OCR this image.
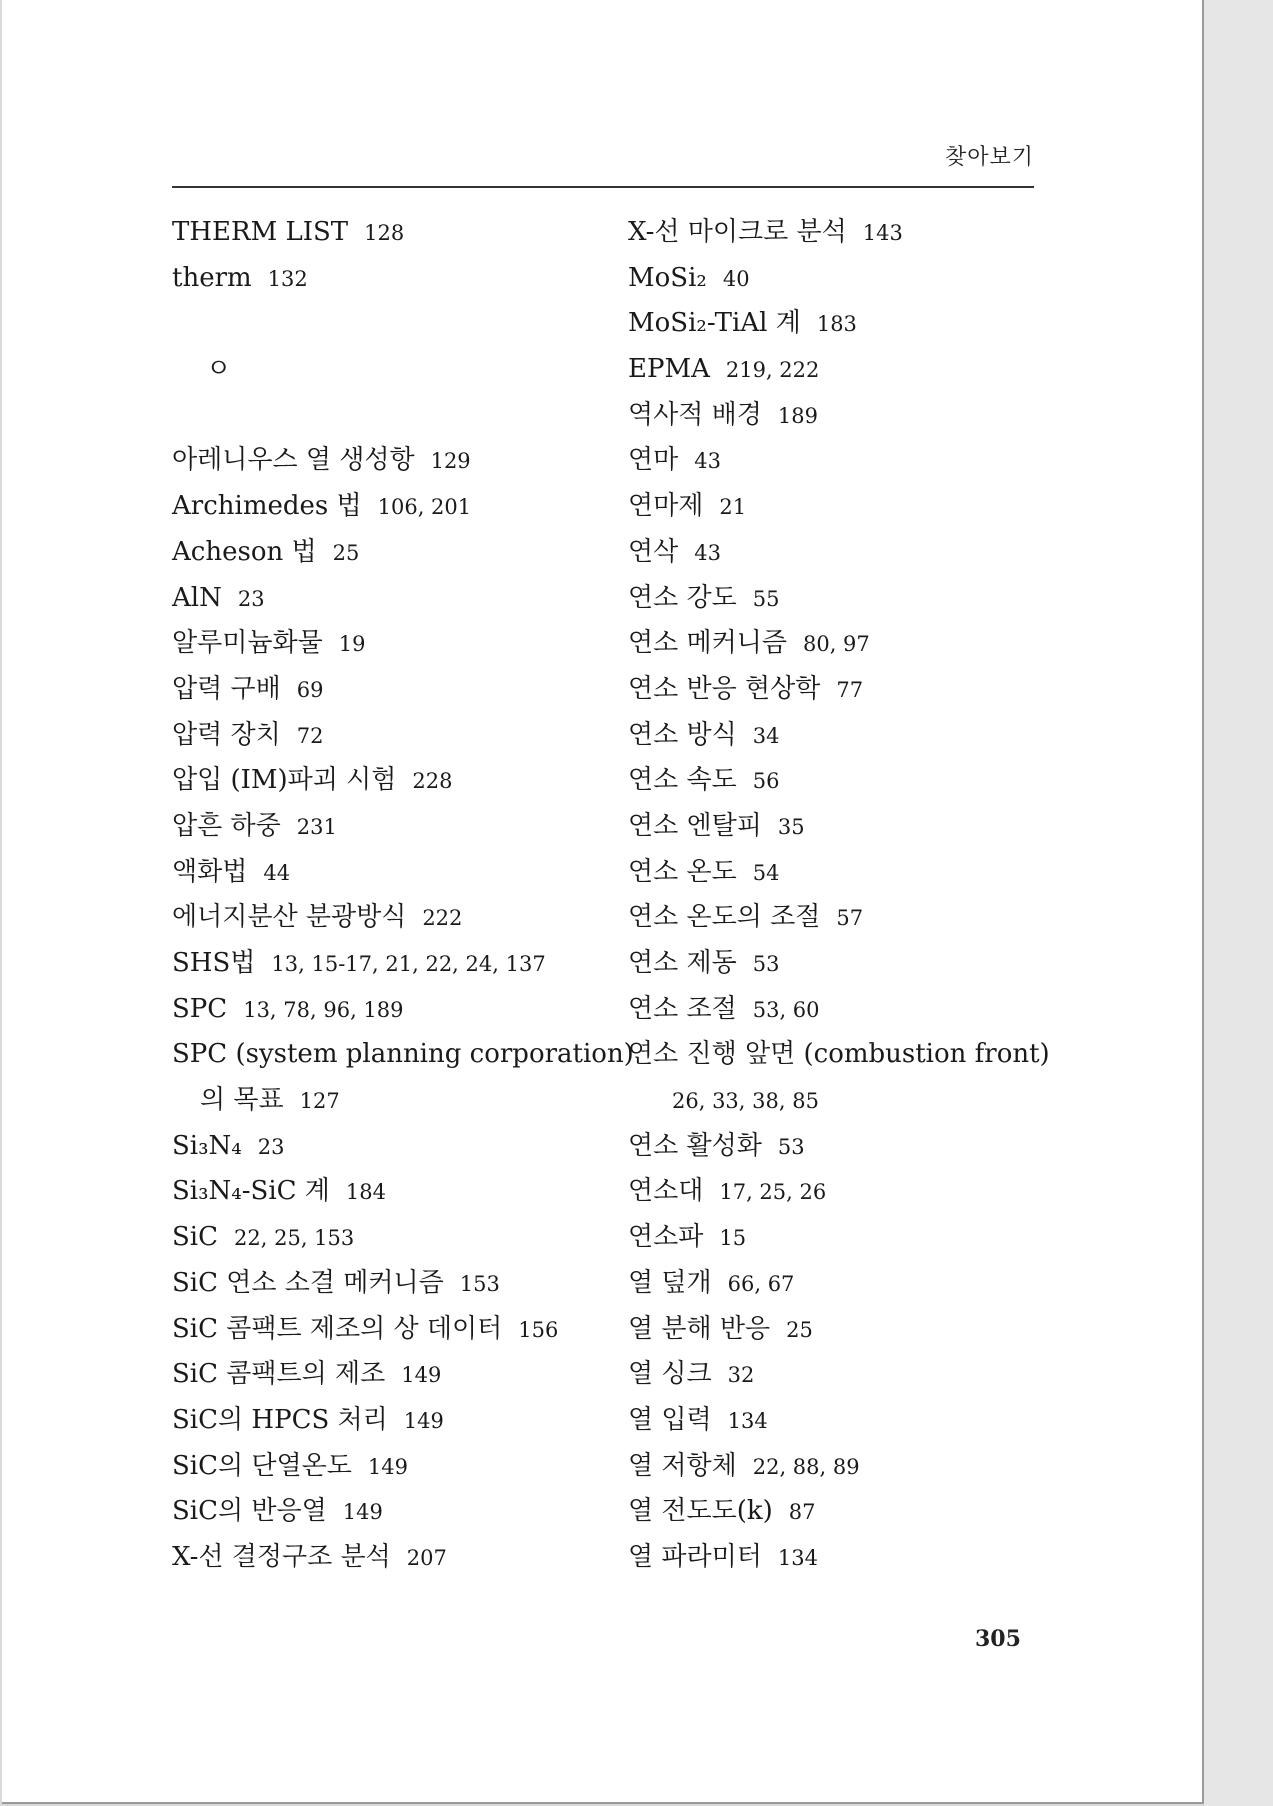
찾아보기
THERM LIST 128
therm 132
ㅇ
아레니우스 열 생성항 129
Archimedes 법 106, 201
Acheson 법 25
AlN 23
알루미늄화물 19
압력 구배 69
압력 장치 72
압입 (IM)파괴 시험 228
압흔 하중 231
액화법 44
에너지분산 분광방식 222
SHS법 13, 15-17, 21, 22, 24, 137
SPC 13, 78, 96, 189
SPC (system planning corporation)
의 목표 127
Si₃N₄ 23
Si₃N₄-SiC 계 184
SiC 22, 25, 153
SiC 연소 소결 메커니즘 153
SiC 콤팩트 제조의 상 데이터 156
SiC 콤팩트의 제조 149
SiC의 HPCS 처리 149
SiC의 단열온도 149
SiC의 반응열 149
X-선 결정구조 분석 207
X-선 마이크로 분석 143
MoSi₂ 40
MoSi₂-TiAl 계 183
EPMA 219, 222
역사적 배경 189
연마 43
연마제 21
연삭 43
연소 강도 55
연소 메커니즘 80, 97
연소 반응 현상학 77
연소 방식 34
연소 속도 56
연소 엔탈피 35
연소 온도 54
연소 온도의 조절 57
연소 제동 53
연소 조절 53, 60
연소 진행 앞면 (combustion front)
26, 33, 38, 85
연소 활성화 53
연소대 17, 25, 26
연소파 15
열 덮개 66, 67
열 분해 반응 25
열 싱크 32
열 입력 134
열 저항체 22, 88, 89
열 전도도(k) 87
열 파라미터 134
305
